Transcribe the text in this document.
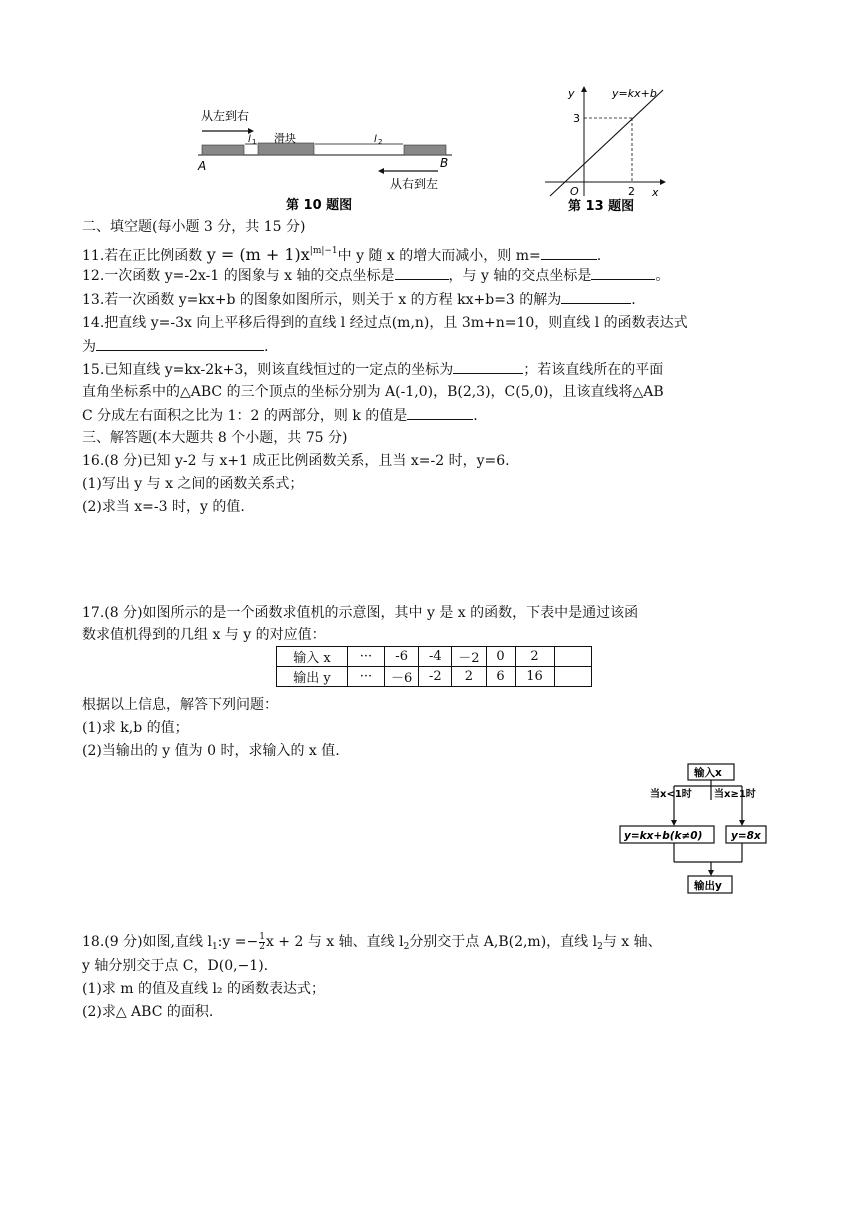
从左到右
滑块
l 1	l 2
A	B
从右到左
第 10 题图
y
x
O
3
2
y=kx+b
第 13 题图
二、填空题(每小题 3 分，共 15 分)
11.若在正比例函数 $y = (m + 1)x^{|m|-1}$中 y 随 x 的增大而减小，则 m=	.
12.一次函数 y=-2x-1 的图象与 x 轴的交点坐标是	，与 y 轴的交点坐标是	。
13.若一次函数 y=kx+b 的图象如图所示，则关于 x 的方程 kx+b=3 的解为	.
14.把直线 y=-3x 向上平移后得到的直线 l 经过点(m,n)，且 3m+n=10，则直线 l 的函数表达式
为	.
15.已知直线 y=kx-2k+3，则该直线恒过的一定点的坐标为	；若该直线所在的平面
直角坐标系中的△ABC 的三个顶点的坐标分别为 A(-1,0)，B(2,3)，C(5,0)，且该直线将△AB
C 分成左右面积之比为 1：2 的两部分，则 k 的值是	.
三、解答题(本大题共 8 个小题，共 75 分)
16.(8 分)已知 y-2 与 x+1 成正比例函数关系，且当 x=-2 时，y=6.
(1)写出 y 与 x 之间的函数关系式；
(2)求当 x=-3 时，y 的值.
17.(8 分)如图所示的是一个函数求值机的示意图，其中 y 是 x 的函数，下表中是通过该函
数求值机得到的几组 x 与 y 的对应值：
输入 x	···	-6	-4	－2	0	2	
输出 y	···	－6	-2	2	6	16	
根据以上信息，解答下列问题：
(1)求 k,b 的值；
(2)当输出的 y 值为 0 时，求输入的 x 值.
输入x
当x<1时 当x≥1时
y=kx+b(k≠0)	y=8x
输出y
18.(9 分)如图,直线 $l_1:y =- \frac{1}{2}$ x + 2 与 x 轴、直线 $l_2$分别交于点 A,B(2,m)，直线 $l_2$与 x 轴、
y 轴分别交于点 C，D(0,−1).
(1)求 m 的值及直线 l₂ 的函数表达式；
(2)求△ ABC 的面积.
